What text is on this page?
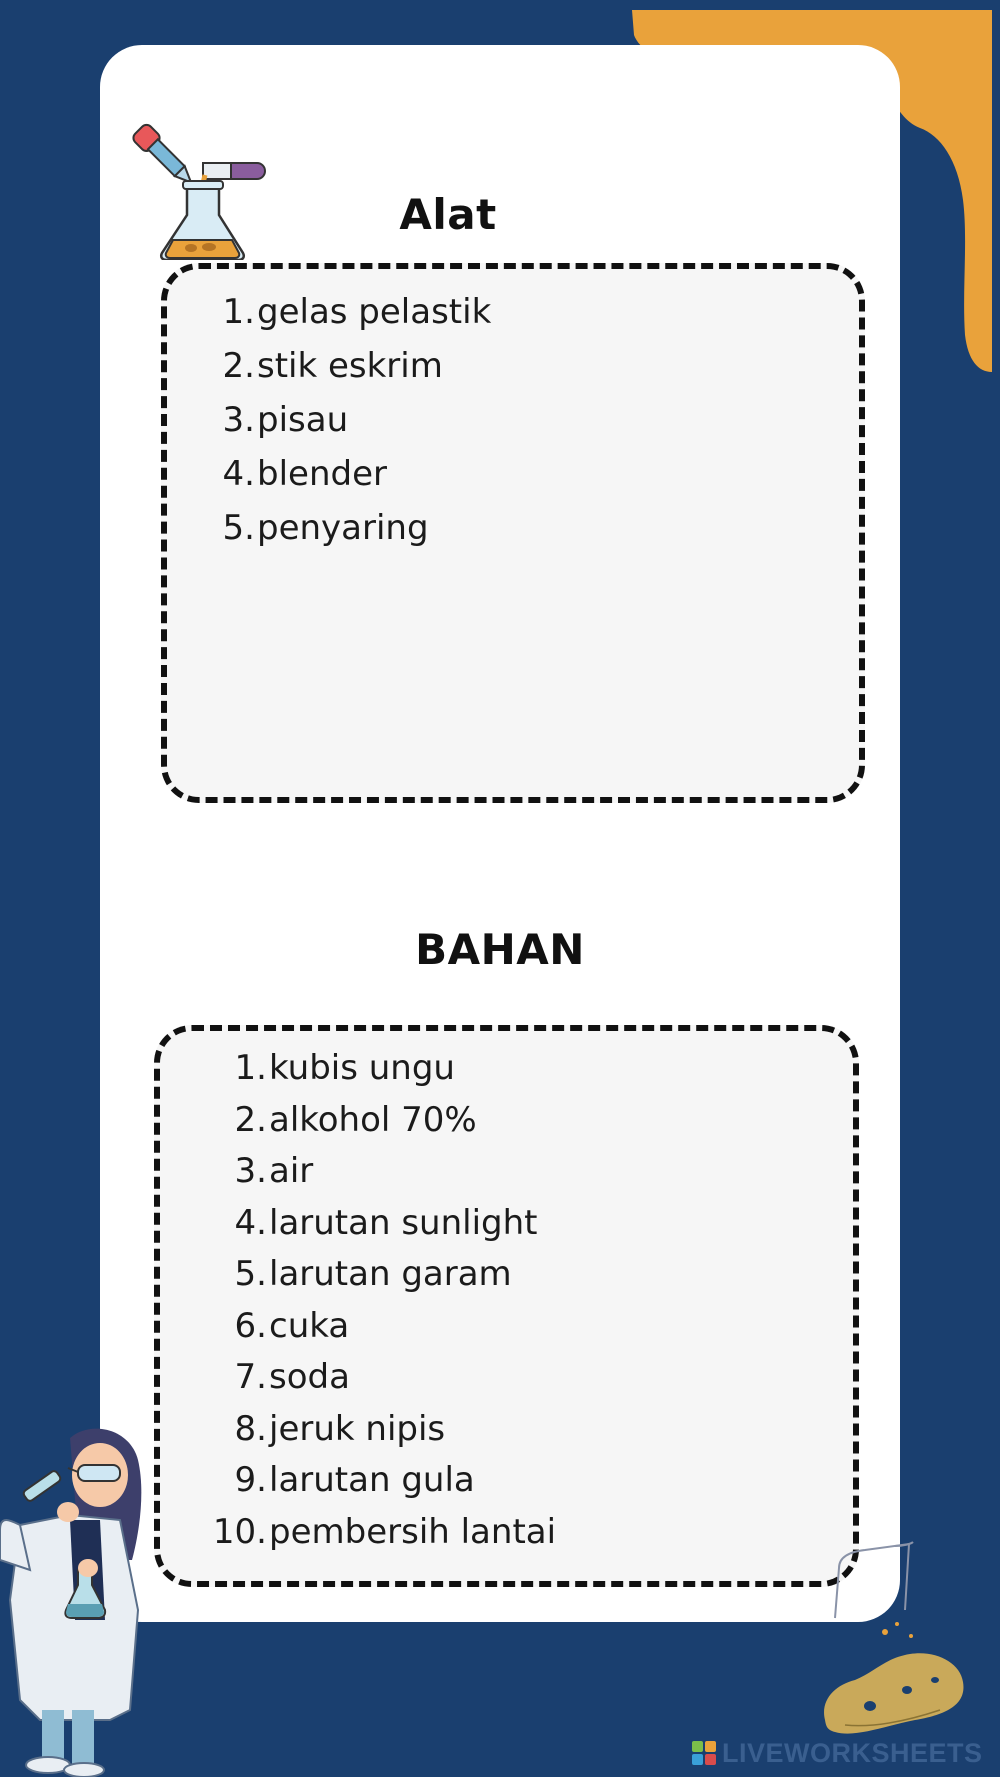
Alat
1. gelas pelastik
2. stik eskrim
3. pisau
4. blender
5. penyaring
BAHAN
1. kubis ungu
2. alkohol 70%
3. air
4. larutan sunlight
5. larutan garam
6. cuka
7. soda
8. jeruk nipis
9. larutan gula
10. pembersih lantai
LIVEWORKSHEETS
